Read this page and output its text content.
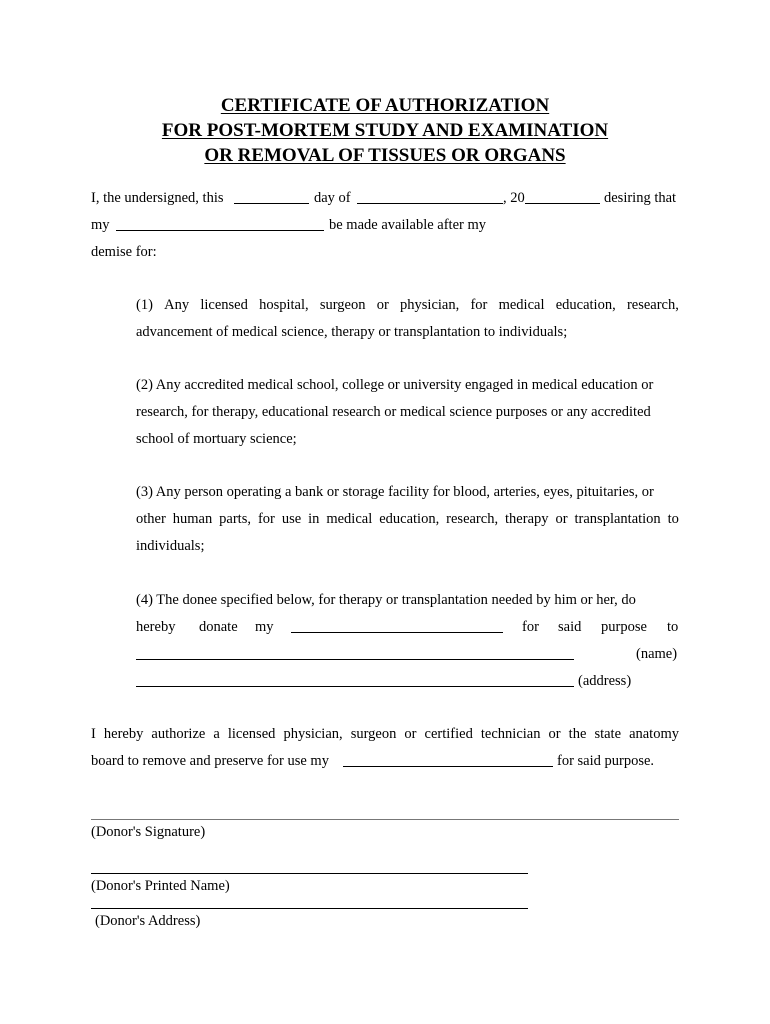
CERTIFICATE OF AUTHORIZATION
FOR POST-MORTEM STUDY AND EXAMINATION
OR REMOVAL OF TISSUES OR ORGANS
I, the undersigned, this	day of	, 20	desiring that
my	be made available after my
demise for:
(1) Any licensed hospital, surgeon or physician, for medical education, research,
advancement of medical science, therapy or transplantation to individuals;
(2) Any accredited medical school, college or university engaged in medical education or
research, for therapy, educational research or medical science purposes or any accredited
school of mortuary science;
(3) Any person operating a bank or storage facility for blood, arteries, eyes, pituitaries, or
other human parts, for use in medical education, research, therapy or transplantation to
individuals;
(4) The donee specified below, for therapy or transplantation needed by him or her, do
hereby donate my	for said purpose to
(name)
(address)
I hereby authorize a licensed physician, surgeon or certified technician or the state anatomy
board to remove and preserve for use my	for said purpose.
(Donor's Signature)
(Donor's Printed Name)
(Donor's Address)
